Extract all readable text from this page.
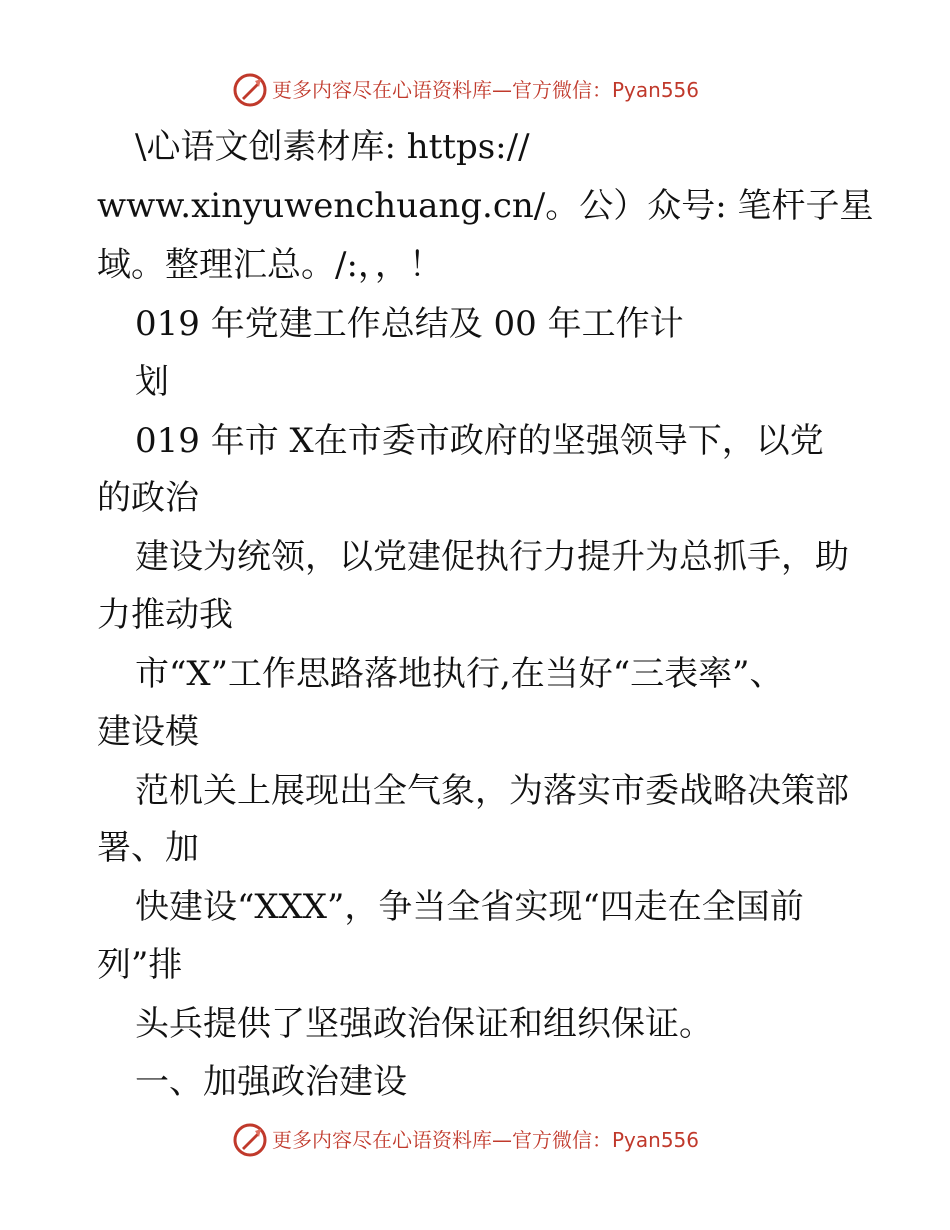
更多内容尽在心语资料库—官方微信：Pyan556
\心语文创素材库: https://
www.xinyuwenchuang.cn/。公）众号: 笔杆子星
域。整理汇总。/:，，！
019 年党建工作总结及 00 年工作计
划
019 年市 X在市委市政府的坚强领导下，以党
的政治
建设为统领，以党建促执行力提升为总抓手，助
力推动我
市“X”工作思路落地执行,在当好“三表率”、
建设模
范机关上展现出全气象，为落实市委战略决策部
署、加
快建设“XXX”，争当全省实现“四走在全国前
列”排
头兵提供了坚强政治保证和组织保证。
一、加强政治建设
更多内容尽在心语资料库—官方微信：Pyan556
